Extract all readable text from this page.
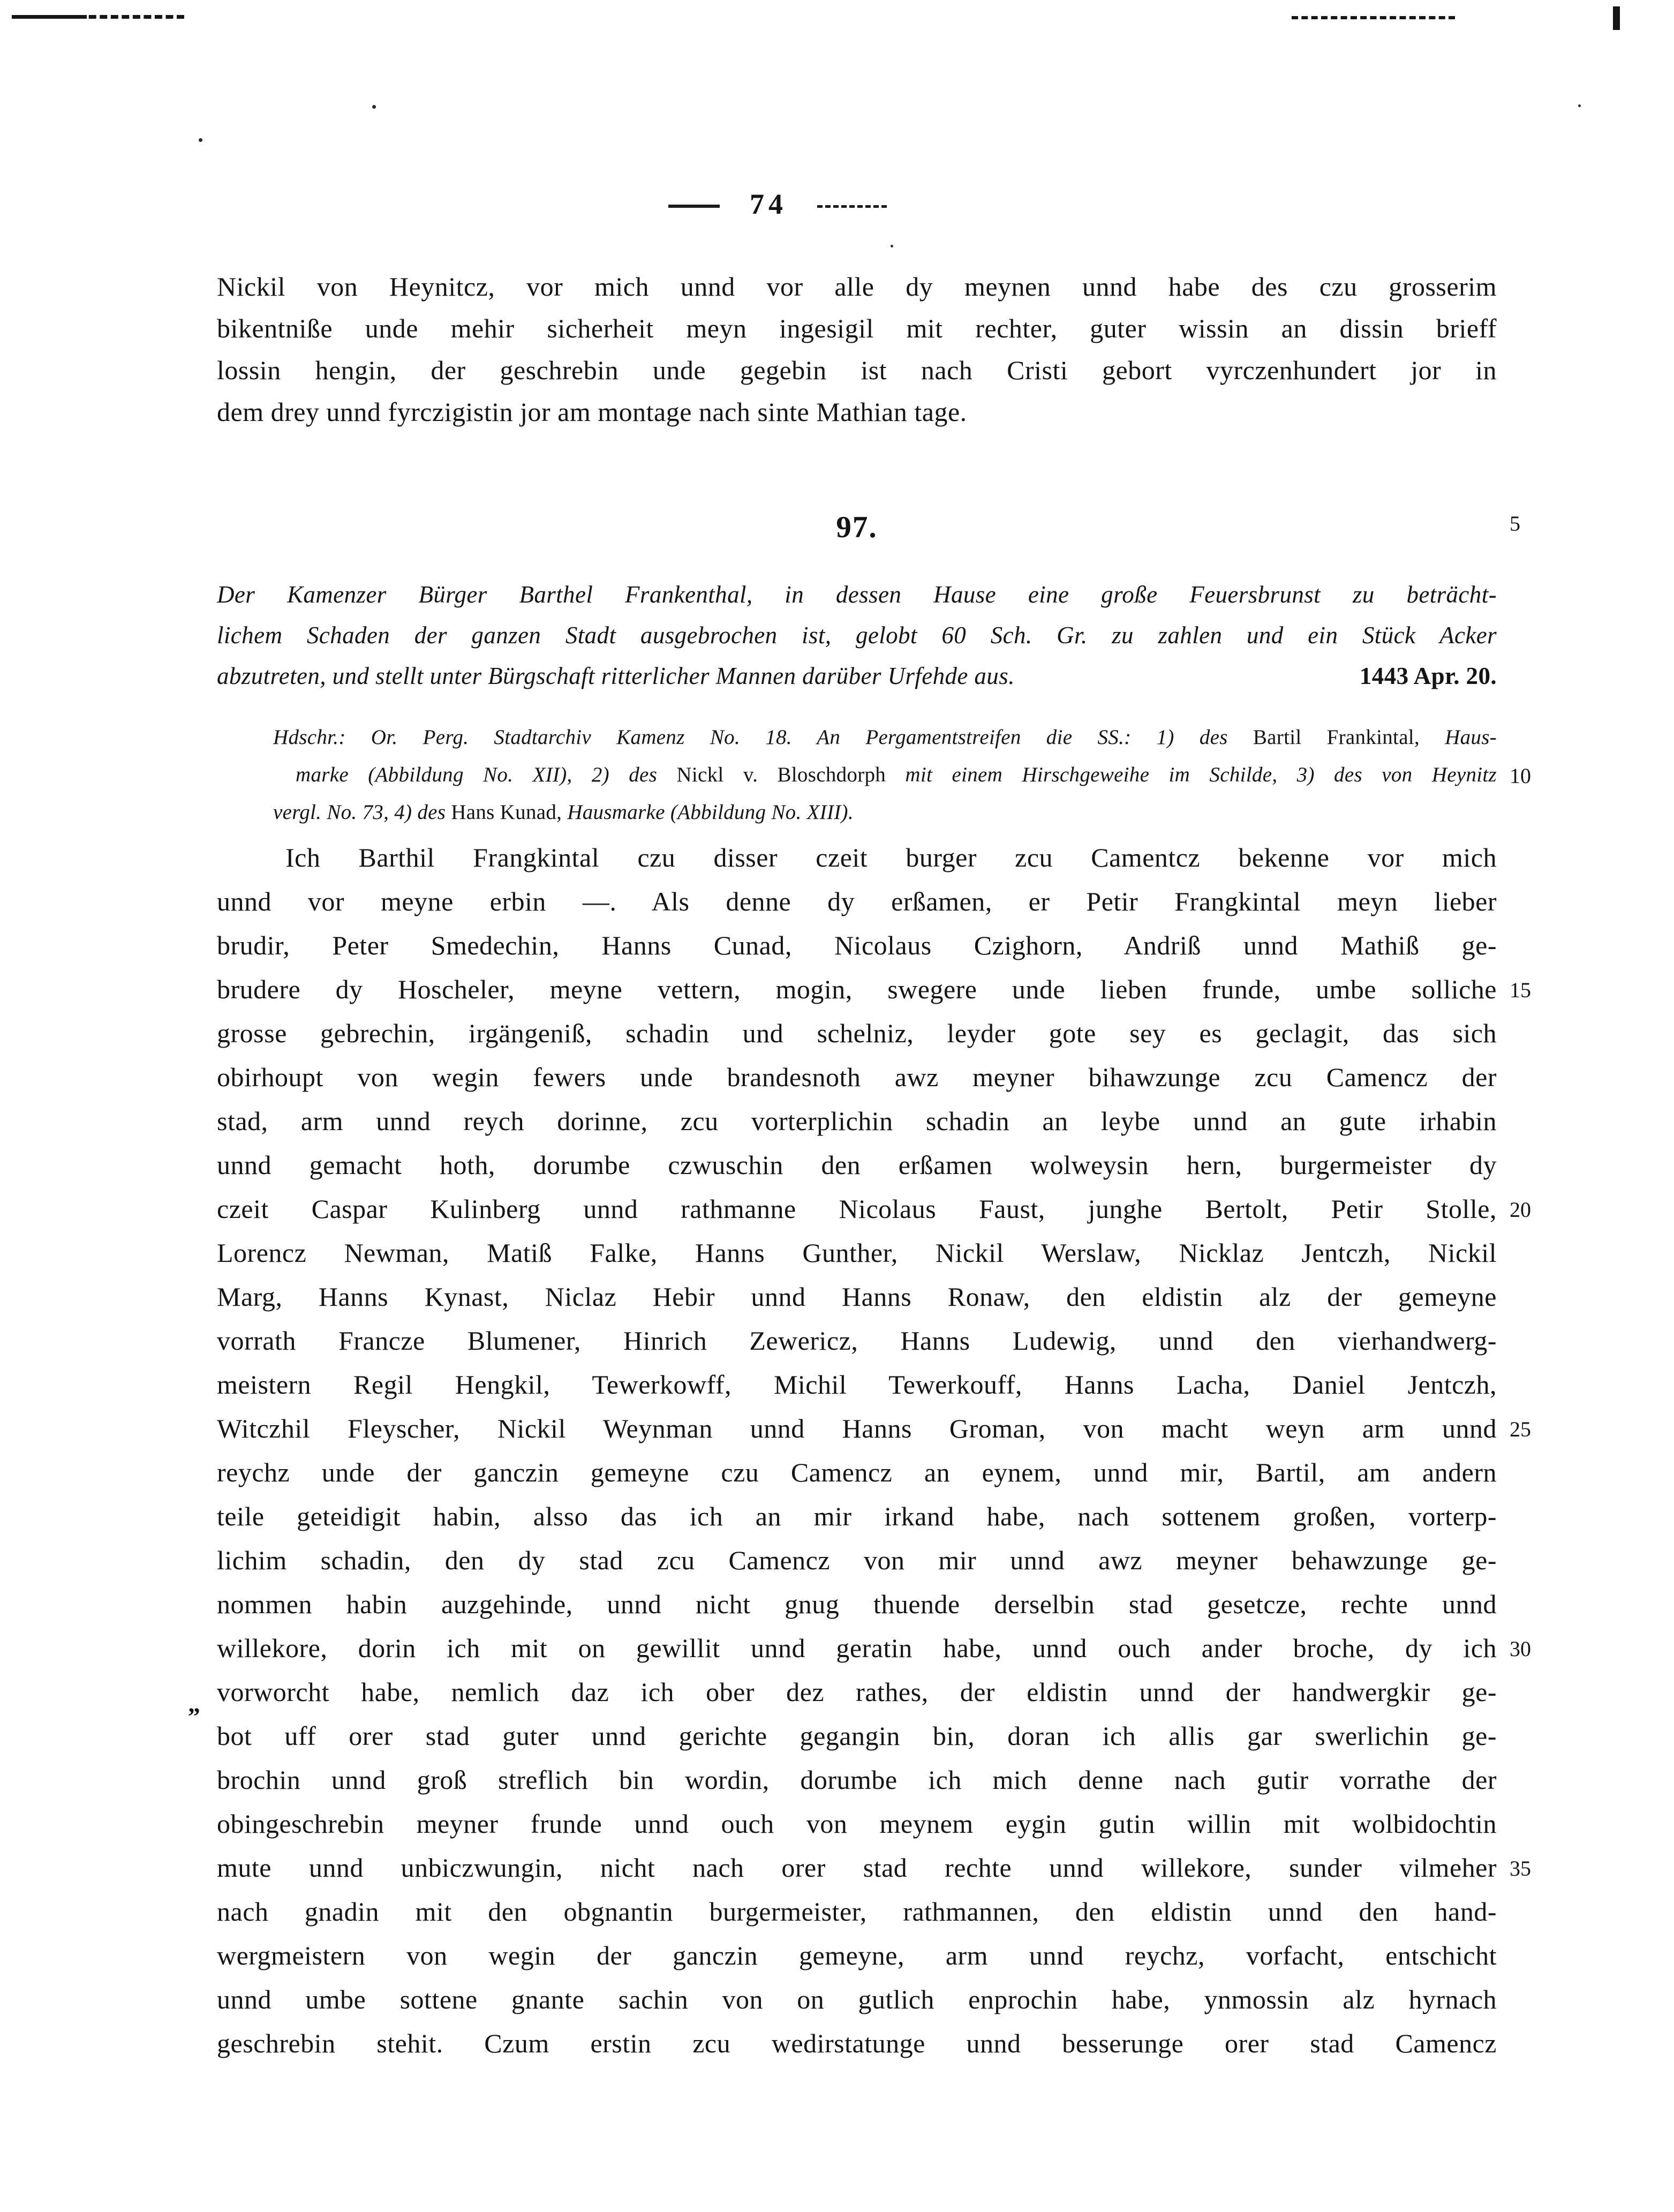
74
Nickil von Heynitcz, vor mich unnd vor alle dy meynen unnd habe des czu grosserim
bikentniße unde mehir sicherheit meyn ingesigil mit rechter, guter wissin an dissin brieff
lossin hengin, der geschrebin unde gegebin ist nach Cristi gebort vyrczenhundert jor in
dem drey unnd fyrczigistin jor am montage nach sinte Mathian tage.
97.	5
Der Kamenzer Bürger Barthel Frankenthal, in dessen Hause eine große Feuersbrunst zu beträcht-
lichem Schaden der ganzen Stadt ausgebrochen ist, gelobt 60 Sch. Gr. zu zahlen und ein Stück Acker
abzutreten, und stellt unter Bürgschaft ritterlicher Mannen darüber Urfehde aus.	1443 Apr. 20.
Hdschr.: Or. Perg. Stadtarchiv Kamenz No. 18. An Pergamentstreifen die SS.: 1) des Bartil Frankintal, Haus-
marke (Abbildung No. XII), 2) des Nickl v. Bloschdorph mit einem Hirschgeweihe im Schilde, 3) des von Heynitz 10
vergl. No. 73, 4) des Hans Kunad, Hausmarke (Abbildung No. XIII).
Ich Barthil Frangkintal czu disser czeit burger zcu Camentcz bekenne vor mich
unnd vor meyne erbin —. Als denne dy erßamen, er Petir Frangkintal meyn lieber
brudir, Peter Smedechin, Hanns Cunad, Nicolaus Czighorn, Andriß unnd Mathiß ge-
brudere dy Hoscheler, meyne vettern, mogin, swegere unde lieben frunde, umbe solliche 15
grosse gebrechin, irgängeniß, schadin und schelniz, leyder gote sey es geclagit, das sich
obirhoupt von wegin fewers unde brandesnoth awz meyner bihawzunge zcu Camencz der
stad, arm unnd reych dorinne, zcu vorterplichin schadin an leybe unnd an gute irhabin
unnd gemacht hoth, dorumbe czwuschin den erßamen wolweysin hern, burgermeister dy
czeit Caspar Kulinberg unnd rathmanne Nicolaus Faust, junghe Bertolt, Petir Stolle, 20
Lorencz Newman, Matiß Falke, Hanns Gunther, Nickil Werslaw, Nicklaz Jentczh, Nickil
Marg, Hanns Kynast, Niclaz Hebir unnd Hanns Ronaw, den eldistin alz der gemeyne
vorrath Francze Blumener, Hinrich Zewericz, Hanns Ludewig, unnd den vierhandwerg-
meistern Regil Hengkil, Tewerkowff, Michil Tewerkouff, Hanns Lacha, Daniel Jentczh,
Witczhil Fleyscher, Nickil Weynman unnd Hanns Groman, von macht weyn arm unnd 25
reychz unde der ganczin gemeyne czu Camencz an eynem, unnd mir, Bartil, am andern
teile geteidigit habin, alsso das ich an mir irkand habe, nach sottenem großen, vorterp-
lichim schadin, den dy stad zcu Camencz von mir unnd awz meyner behawzunge ge-
nommen habin auzgehinde, unnd nicht gnug thuende derselbin stad gesetcze, rechte unnd
willekore, dorin ich mit on gewillit unnd geratin habe, unnd ouch ander broche, dy ich 30
vorworcht habe, nemlich daz ich ober dez rathes, der eldistin unnd der handwergkir ge-
„
bot uff orer stad guter unnd gerichte gegangin bin, doran ich allis gar swerlichin ge-
brochin unnd groß streflich bin wordin, dorumbe ich mich denne nach gutir vorrathe der
obingeschrebin meyner frunde unnd ouch von meynem eygin gutin willin mit wolbidochtin
mute unnd unbiczwungin, nicht nach orer stad rechte unnd willekore, sunder vilmeher 35
nach gnadin mit den obgnantin burgermeister, rathmannen, den eldistin unnd den hand-
wergmeistern von wegin der ganczin gemeyne, arm unnd reychz, vorfacht, entschicht
unnd umbe sottene gnante sachin von on gutlich enprochin habe, ynmossin alz hyrnach
geschrebin stehit. Czum erstin zcu wedirstatunge unnd besserunge orer stad Camencz
